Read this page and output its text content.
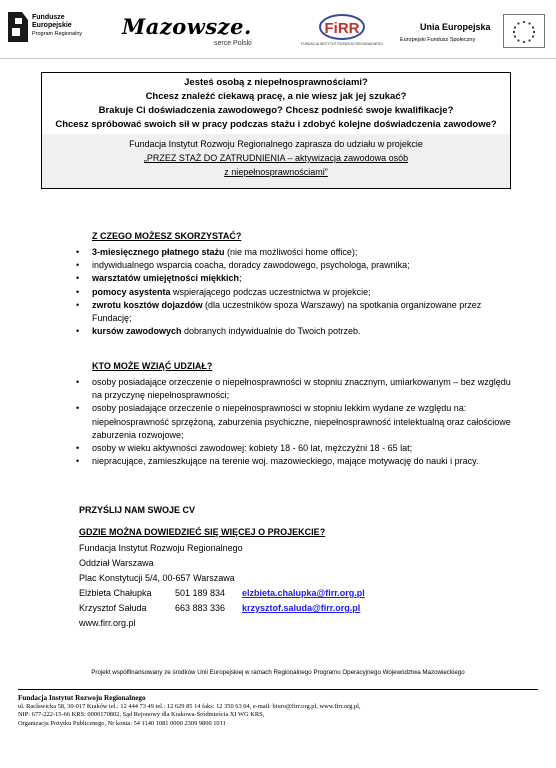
Fundusze
Europejskie
Program Regionalny Mazowsze.
serce Polski
FiRR
FUNDACJA INSTYTUT ROZWOJU REGIONALNEGO
Unia Europejska
Europejski Fundusz Społeczny
Jesteś osobą z niepełnosprawnościami?
Chcesz znaleźć ciekawą pracę, a nie wiesz jak jej szukać?
Brakuje Ci doświadczenia zawodowego? Chcesz podnieść swoje kwalifikacje?
Chcesz spróbować swoich sił w pracy podczas stażu i zdobyć kolejne doświadczenia zawodowe?
Fundacja Instytut Rozwoju Regionalnego zaprasza do udziału w projekcie
„PRZEZ STAŻ DO ZATRUDNIENIA – aktywizacja zawodowa osób
z niepełnosprawnościami”
Z CZEGO MOŻESZ SKORZYSTAĆ?
• 3-miesięcznego płatnego stażu (nie ma możliwości home office);
• indywidualnego wsparcia coacha, doradcy zawodowego, psychologa, prawnika;
• warsztatów umiejętności miękkich;
• pomocy asystenta wspierającego podczas uczestnictwa w projekcie;
• zwrotu kosztów dojazdów (dla uczestników spoza Warszawy) na spotkania organizowane przez Fundację;
• kursów zawodowych dobranych indywidualnie do Twoich potrzeb.
KTO MOŻE WZIĄĆ UDZIAŁ?
• osoby posiadające orzeczenie o niepełnosprawności w stopniu znacznym, umiarkowanym – bez względu na przyczynę niepełnosprawności;
• osoby posiadające orzeczenie o niepełnosprawności w stopniu lekkim wydane ze względu na: niepełnosprawność sprzężoną, zaburzenia psychiczne, niepełnosprawność intelektualną oraz całościowe zaburzenia rozwojowe;
• osoby w wieku aktywności zawodowej: kobiety 18 - 60 lat, mężczyźni 18 - 65 lat;
• niepracujące, zamieszkujące na terenie woj. mazowieckiego, mające motywację do nauki i pracy.
PRZYŚLIJ NAM SWOJE CV
GDZIE MOŻNA DOWIEDZIEĆ SIĘ WIĘCEJ O PROJEKCIE?
Fundacja Instytut Rozwoju Regionalnego
Oddział Warszawa
Plac Konstytucji 5/4, 00-657 Warszawa
Elżbieta Chałupka	501 189 834 elzbieta.chalupka@firr.org.pl
Krzysztof Sałuda	663 883 336 krzysztof.saluda@firr.org.pl
www.firr.org.pl
Projekt współfinansowany ze środków Unii Europejskiej w ramach Regionalnego Programu Operacyjnego Województwa Mazowieckiego
Fundacja Instytut Rozwoju Regionalnego
ul. Racławicka 58, 30-017 Kraków tel.: 12 444 73 49 tel.: 12 629 85 14 faks: 12 350 63 04, e-mail: biuro@firr.org.pl, www.firr.org.pl,
NIP: 677-222-15-66 KRS: 0000170802, Sąd Rejonowy dla Krakowa-Śródmieścia XI WG KRS,
Organizacja Pożytku Publicznego, Nr konta: 54 1140 1081 0000 2309 9800 1011
